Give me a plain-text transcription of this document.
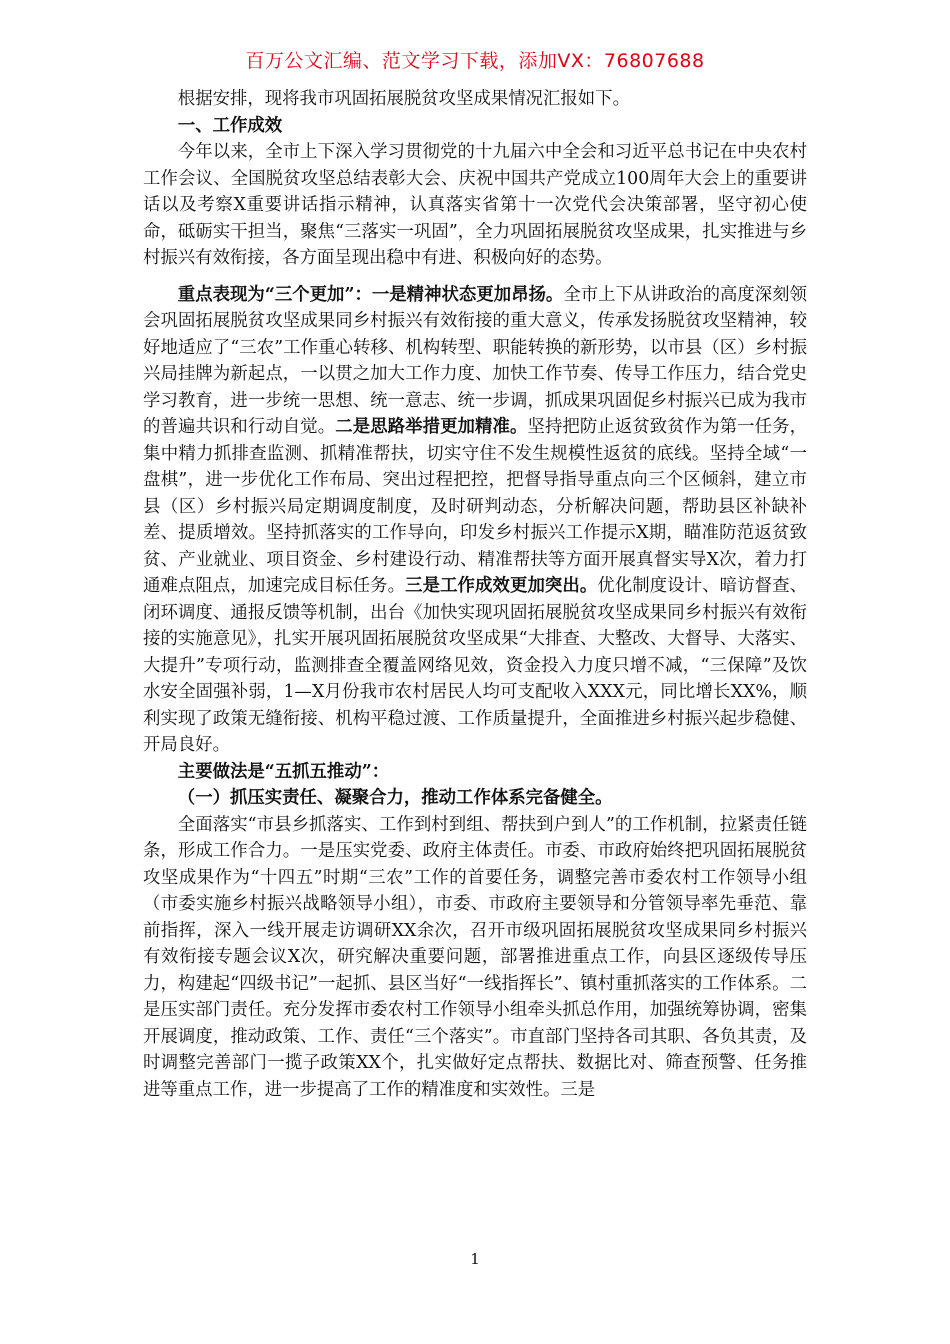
百万公文汇编、范文学习下载，添加VX：76807688

根据安排，现将我市巩固拓展脱贫攻坚成果情况汇报如下。

一、工作成效

今年以来，全市上下深入学习贯彻党的十九届六中全会和习近平总书记在中央农村工作会议、全国脱贫攻坚总结表彰大会、庆祝中国共产党成立100周年大会上的重要讲话以及考察X重要讲话指示精神，认真落实省第十一次党代会决策部署，坚守初心使命，砥砺实干担当，聚焦“三落实一巩固”，全力巩固拓展脱贫攻坚成果，扎实推进与乡村振兴有效衔接，各方面呈现出稳中有进、积极向好的态势。

重点表现为“三个更加”：一是精神状态更加昂扬。全市上下从讲政治的高度深刻领会巩固拓展脱贫攻坚成果同乡村振兴有效衔接的重大意义，传承发扬脱贫攻坚精神，较好地适应了“三农”工作重心转移、机构转型、职能转换的新形势，以市县（区）乡村振兴局挂牌为新起点，一以贯之加大工作力度、加快工作节奏、传导工作压力，结合党史学习教育，进一步统一思想、统一意志、统一步调，抓成果巩固促乡村振兴已成为我市的普遍共识和行动自觉。二是思路举措更加精准。坚持把防止返贫致贫作为第一任务，集中精力抓排查监测、抓精准帮扶，切实守住不发生规模性返贫的底线。坚持全域“一盘棋”，进一步优化工作布局、突出过程把控，把督导指导重点向三个区倾斜，建立市县（区）乡村振兴局定期调度制度，及时研判动态，分析解决问题，帮助县区补缺补差、提质增效。坚持抓落实的工作导向，印发乡村振兴工作提示X期，瞄准防范返贫致贫、产业就业、项目资金、乡村建设行动、精准帮扶等方面开展真督实导X次，着力打通难点阻点，加速完成目标任务。三是工作成效更加突出。优化制度设计、暗访督查、闭环调度、通报反馈等机制，出台《加快实现巩固拓展脱贫攻坚成果同乡村振兴有效衔接的实施意见》，扎实开展巩固拓展脱贫攻坚成果“大排查、大整改、大督导、大落实、大提升”专项行动，监测排查全覆盖网络见效，资金投入力度只增不减，“三保障”及饮水安全固强补弱，1—X月份我市农村居民人均可支配收入XXX元，同比增长XX%，顺利实现了政策无缝衔接、机构平稳过渡、工作质量提升，全面推进乡村振兴起步稳健、开局良好。

主要做法是“五抓五推动”：

（一）抓压实责任、凝聚合力，推动工作体系完备健全。

全面落实“市县乡抓落实、工作到村到组、帮扶到户到人”的工作机制，拉紧责任链条，形成工作合力。一是压实党委、政府主体责任。市委、市政府始终把巩固拓展脱贫攻坚成果作为“十四五”时期“三农”工作的首要任务，调整完善市委农村工作领导小组（市委实施乡村振兴战略领导小组），市委、市政府主要领导和分管领导率先垂范、靠前指挥，深入一线开展走访调研XX余次，召开市级巩固拓展脱贫攻坚成果同乡村振兴有效衔接专题会议X次，研究解决重要问题，部署推进重点工作，向县区逐级传导压力，构建起“四级书记”一起抓、县区当好“一线指挥长”、镇村重抓落实的工作体系。二是压实部门责任。充分发挥市委农村工作领导小组牵头抓总作用，加强统筹协调，密集开展调度，推动政策、工作、责任“三个落实”。市直部门坚持各司其职、各负其责，及时调整完善部门一揽子政策XX个，扎实做好定点帮扶、数据比对、筛查预警、任务推进等重点工作，进一步提高了工作的精准度和实效性。三是

1
